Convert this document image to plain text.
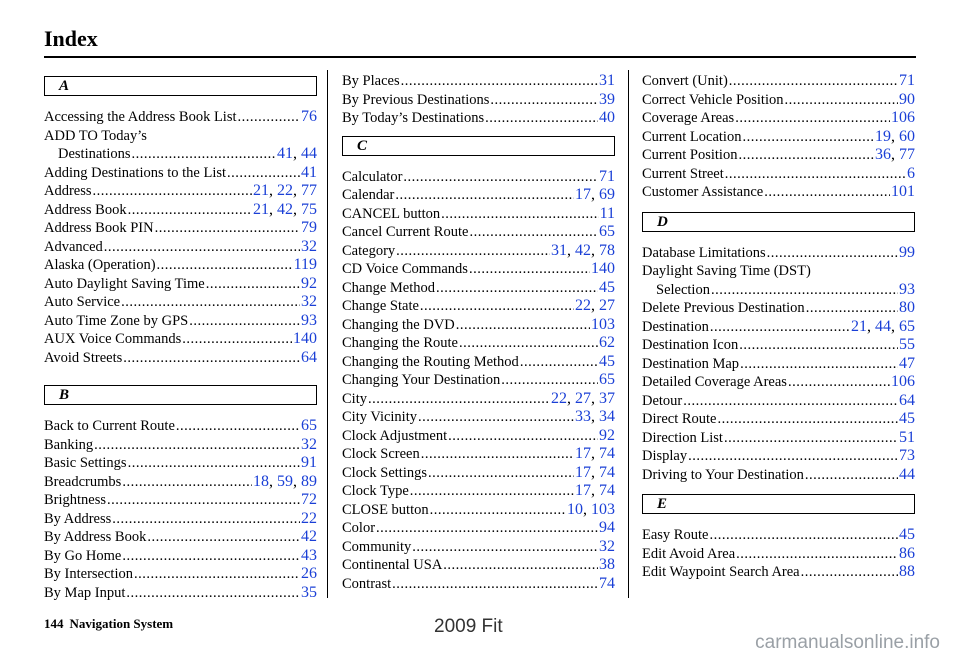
Index
A
Accessing the Address Book List .....	76
ADD TO Today’s
Destinations .....	41, 44
Adding Destinations to the List .....	41
Address .....	21, 22, 77
Address Book .....	21, 42, 75
Address Book PIN .....	79
Advanced .....	32
Alaska (Operation) .....	119
Auto Daylight Saving Time .....	92
Auto Service .....	32
Auto Time Zone by GPS .....	93
AUX Voice Commands .....	140
Avoid Streets .....	64
B
Back to Current Route .....	65
Banking .....	32
Basic Settings .....	91
Breadcrumbs .....	18, 59, 89
Brightness .....	72
By Address .....	22
By Address Book .....	42
By Go Home .....	43
By Intersection .....	26
By Map Input .....	35
By Places .....	31
By Previous Destinations .....	39
By Today’s Destinations .....	40
C
Calculator .....	71
Calendar .....	17, 69
CANCEL button .....	11
Cancel Current Route .....	65
Category .....	31, 42, 78
CD Voice Commands .....	140
Change Method .....	45
Change State .....	22, 27
Changing the DVD .....	103
Changing the Route .....	62
Changing the Routing Method .....	45
Changing Your Destination .....	65
City .....	22, 27, 37
City Vicinity .....	33, 34
Clock Adjustment .....	92
Clock Screen .....	17, 74
Clock Settings .....	17, 74
Clock Type .....	17, 74
CLOSE button .....	10, 103
Color .....	94
Community .....	32
Continental USA .....	38
Contrast .....	74
Convert (Unit) .....	71
Correct Vehicle Position .....	90
Coverage Areas .....	106
Current Location .....	19, 60
Current Position .....	36, 77
Current Street .....	6
Customer Assistance .....	101
D
Database Limitations .....	99
Daylight Saving Time (DST)
Selection .....	93
Delete Previous Destination .....	80
Destination .....	21, 44, 65
Destination Icon .....	55
Destination Map .....	47
Detailed Coverage Areas .....	106
Detour .....	64
Direct Route .....	45
Direction List .....	51
Display .....	73
Driving to Your Destination .....	44
E
Easy Route .....	45
Edit Avoid Area .....	86
Edit Waypoint Search Area .....	88
144 Navigation System	2009 Fit
carmanualsonline.info
